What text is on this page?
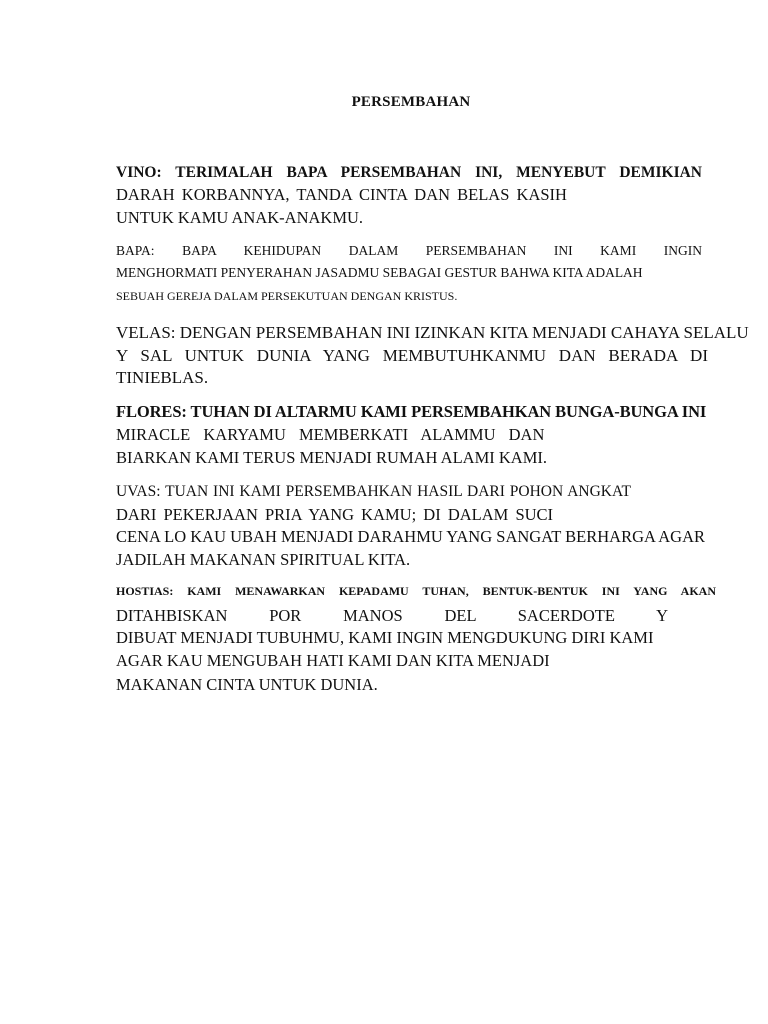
PERSEMBAHAN
VINO: TERIMALAH BAPA PERSEMBAHAN INI, MENYEBUT DEMIKIAN
DARAH KORBANNYA, TANDA CINTA DAN BELAS KASIH
UNTUK KAMU ANAK-ANAKMU.
BAPA: BAPA KEHIDUPAN DALAM PERSEMBAHAN INI KAMI INGIN
MENGHORMATI PENYERAHAN JASADMU SEBAGAI GESTUR BAHWA KITA ADALAH
SEBUAH GEREJA DALAM PERSEKUTUAN DENGAN KRISTUS.
VELAS: DENGAN PERSEMBAHAN INI IZINKAN KITA MENJADI CAHAYA SELALU
Y SAL UNTUK DUNIA YANG MEMBUTUHKANMU DAN BERADA DI
TINIEBLAS.
FLORES: TUHAN DI ALTARMU KAMI PERSEMBAHKAN BUNGA-BUNGA INI
MIRACLE KARYAMU MEMBERKATI ALAMMU DAN
BIARKAN KAMI TERUS MENJADI RUMAH ALAMI KAMI.
UVAS: TUAN INI KAMI PERSEMBAHKAN HASIL DARI POHON ANGKAT
DARI PEKERJAAN PRIA YANG KAMU; DI DALAM SUCI
CENA LO KAU UBAH MENJADI DARAHMU YANG SANGAT BERHARGA AGAR
JADILAH MAKANAN SPIRITUAL KITA.
HOSTIAS: KAMI MENAWARKAN KEPADAMU TUHAN, BENTUK-BENTUK INI YANG AKAN
DITAHBISKAN POR MANOS DEL SACERDOTE Y
DIBUAT MENJADI TUBUHMU, KAMI INGIN MENGDUKUNG DIRI KAMI
AGAR KAU MENGUBAH HATI KAMI DAN KITA MENJADI
MAKANAN CINTA UNTUK DUNIA.
